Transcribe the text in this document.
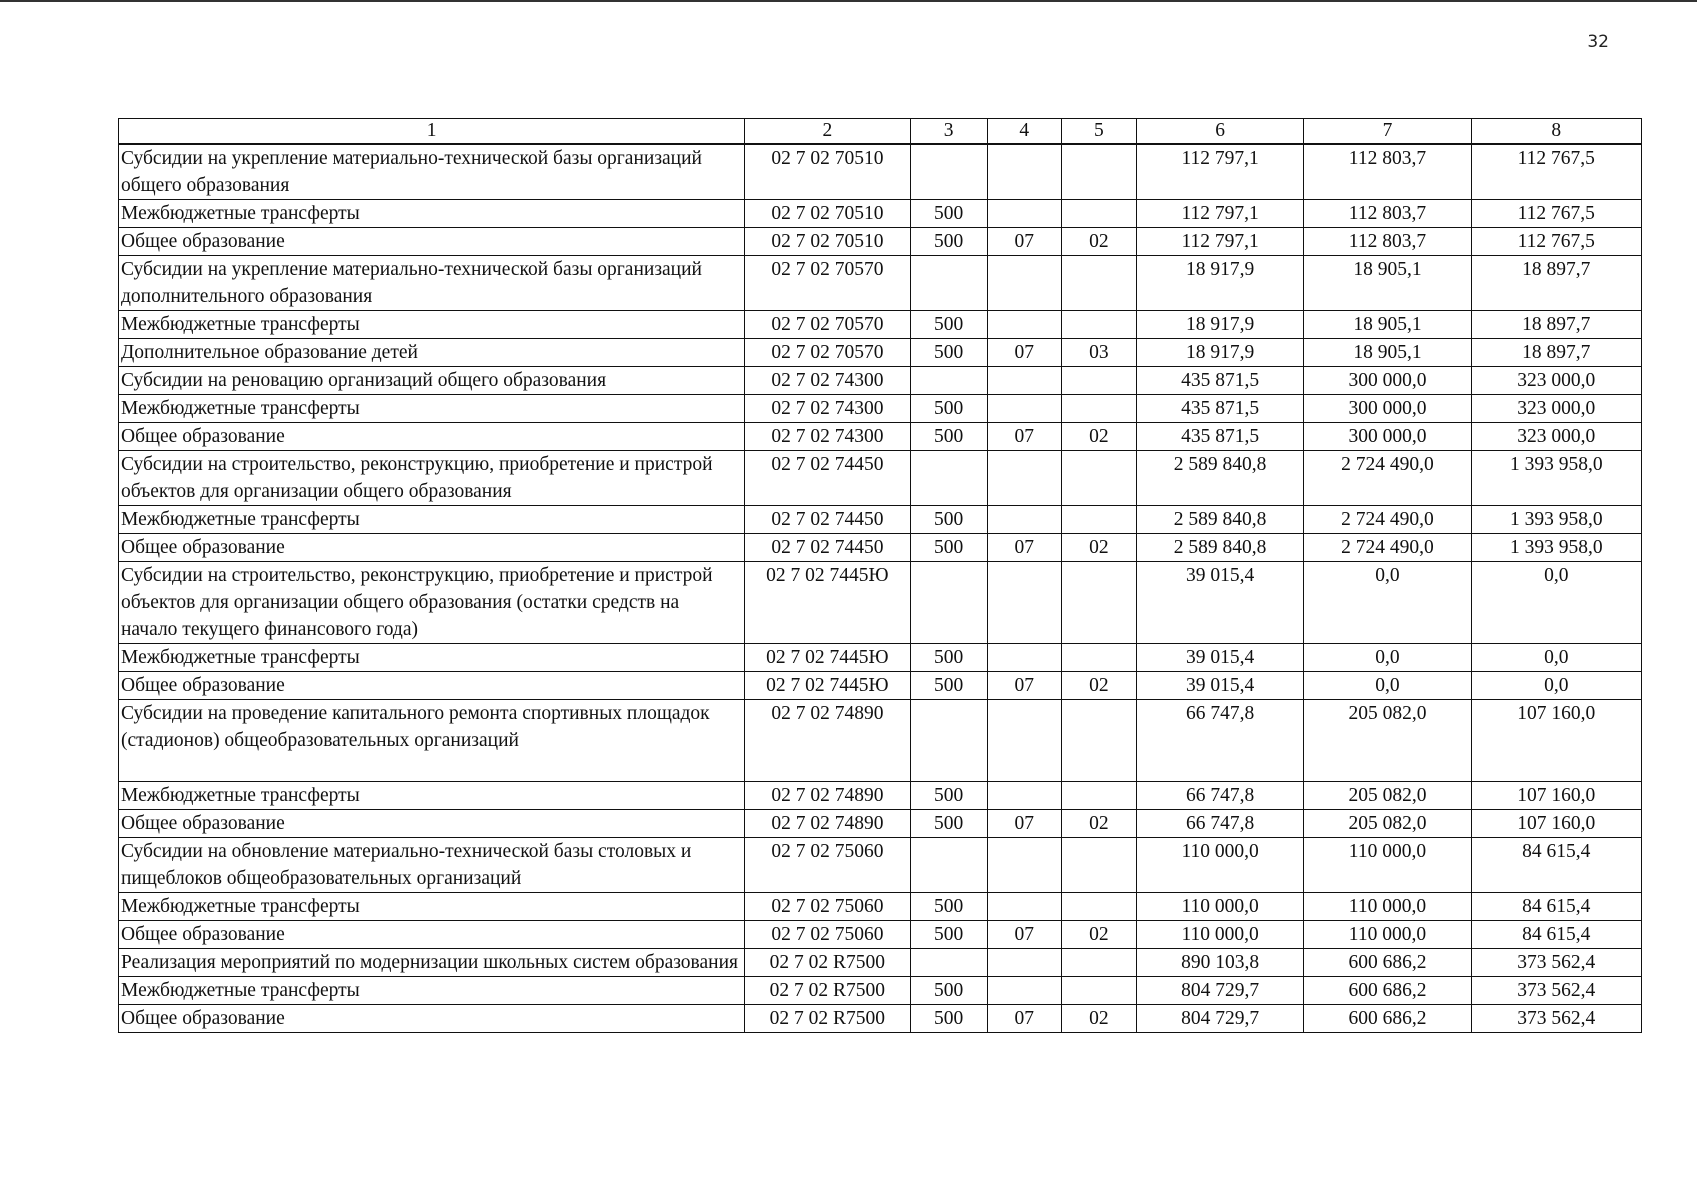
32
1	2	3	4	5	6	7	8
Субсидии на укрепление материально-технической базы организаций общего образования	02 7 02 70510				112 797,1	112 803,7	112 767,5
Межбюджетные трансферты	02 7 02 70510	500			112 797,1	112 803,7	112 767,5
Общее образование	02 7 02 70510	500	07	02	112 797,1	112 803,7	112 767,5
Субсидии на укрепление материально-технической базы организаций дополнительного образования	02 7 02 70570				18 917,9	18 905,1	18 897,7
Межбюджетные трансферты	02 7 02 70570	500			18 917,9	18 905,1	18 897,7
Дополнительное образование детей	02 7 02 70570	500	07	03	18 917,9	18 905,1	18 897,7
Субсидии на реновацию организаций общего образования	02 7 02 74300				435 871,5	300 000,0	323 000,0
Межбюджетные трансферты	02 7 02 74300	500			435 871,5	300 000,0	323 000,0
Общее образование	02 7 02 74300	500	07	02	435 871,5	300 000,0	323 000,0
Субсидии на строительство, реконструкцию, приобретение и пристрой объектов для организации общего образования	02 7 02 74450				2 589 840,8	2 724 490,0	1 393 958,0
Межбюджетные трансферты	02 7 02 74450	500			2 589 840,8	2 724 490,0	1 393 958,0
Общее образование	02 7 02 74450	500	07	02	2 589 840,8	2 724 490,0	1 393 958,0
Субсидии на строительство, реконструкцию, приобретение и пристрой объектов для организации общего образования (остатки средств на начало текущего финансового года)	02 7 02 7445Ю				39 015,4	0,0	0,0
Межбюджетные трансферты	02 7 02 7445Ю	500			39 015,4	0,0	0,0
Общее образование	02 7 02 7445Ю	500	07	02	39 015,4	0,0	0,0
Субсидии на проведение капитального ремонта спортивных площадок (стадионов) общеобразовательных организаций	02 7 02 74890				66 747,8	205 082,0	107 160,0
Межбюджетные трансферты	02 7 02 74890	500			66 747,8	205 082,0	107 160,0
Общее образование	02 7 02 74890	500	07	02	66 747,8	205 082,0	107 160,0
Субсидии на обновление материально-технической базы столовых и пищеблоков общеобразовательных организаций	02 7 02 75060				110 000,0	110 000,0	84 615,4
Межбюджетные трансферты	02 7 02 75060	500			110 000,0	110 000,0	84 615,4
Общее образование	02 7 02 75060	500	07	02	110 000,0	110 000,0	84 615,4
Реализация мероприятий по модернизации школьных систем образования	02 7 02 R7500				890 103,8	600 686,2	373 562,4
Межбюджетные трансферты	02 7 02 R7500	500			804 729,7	600 686,2	373 562,4
Общее образование	02 7 02 R7500	500	07	02	804 729,7	600 686,2	373 562,4
